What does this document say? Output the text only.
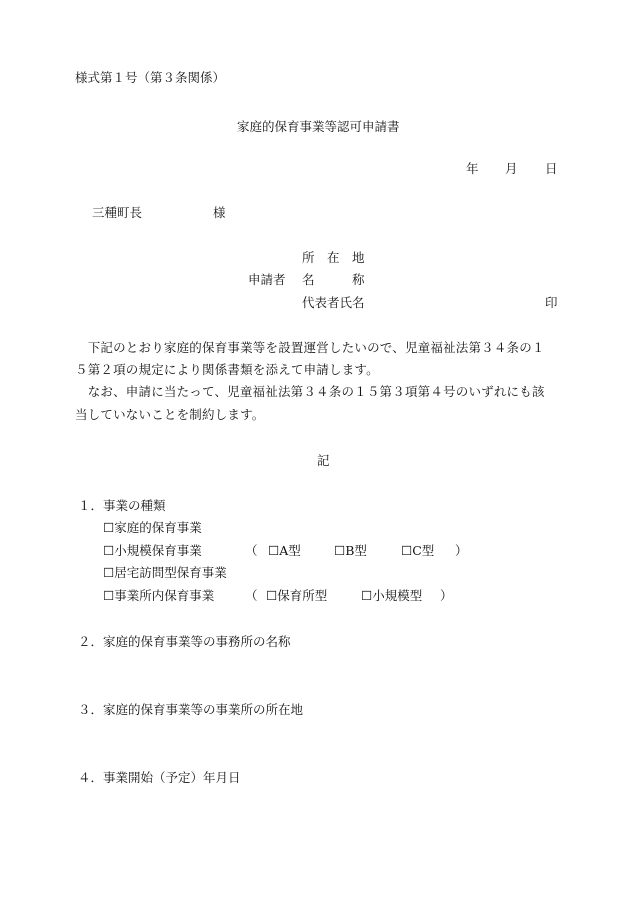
様式第１号（第３条関係）
家庭的保育事業等認可申請書
年 月 日
三種町長	様
所　在　地
申請者 名　　　称
代表者氏名	印
　下記のとおり家庭的保育事業等を設置運営したいので、児童福祉法第３４条の１
５第２項の規定により関係書類を添えて申請します。
　なお、申請に当たって、児童福祉法第３４条の１５第３項第４号のいずれにも該
当していないことを制約します。
記
１． 事業の種類
☐家庭的保育事業
☐小規模保育事業	（ ☐A型	☐B型	☐C型 ）
☐居宅訪問型保育事業
☐事業所内保育事業 （ ☐保育所型	☐小規模型 ）
２． 家庭的保育事業等の事務所の名称
３． 家庭的保育事業等の事業所の所在地
４． 事業開始（予定）年月日
